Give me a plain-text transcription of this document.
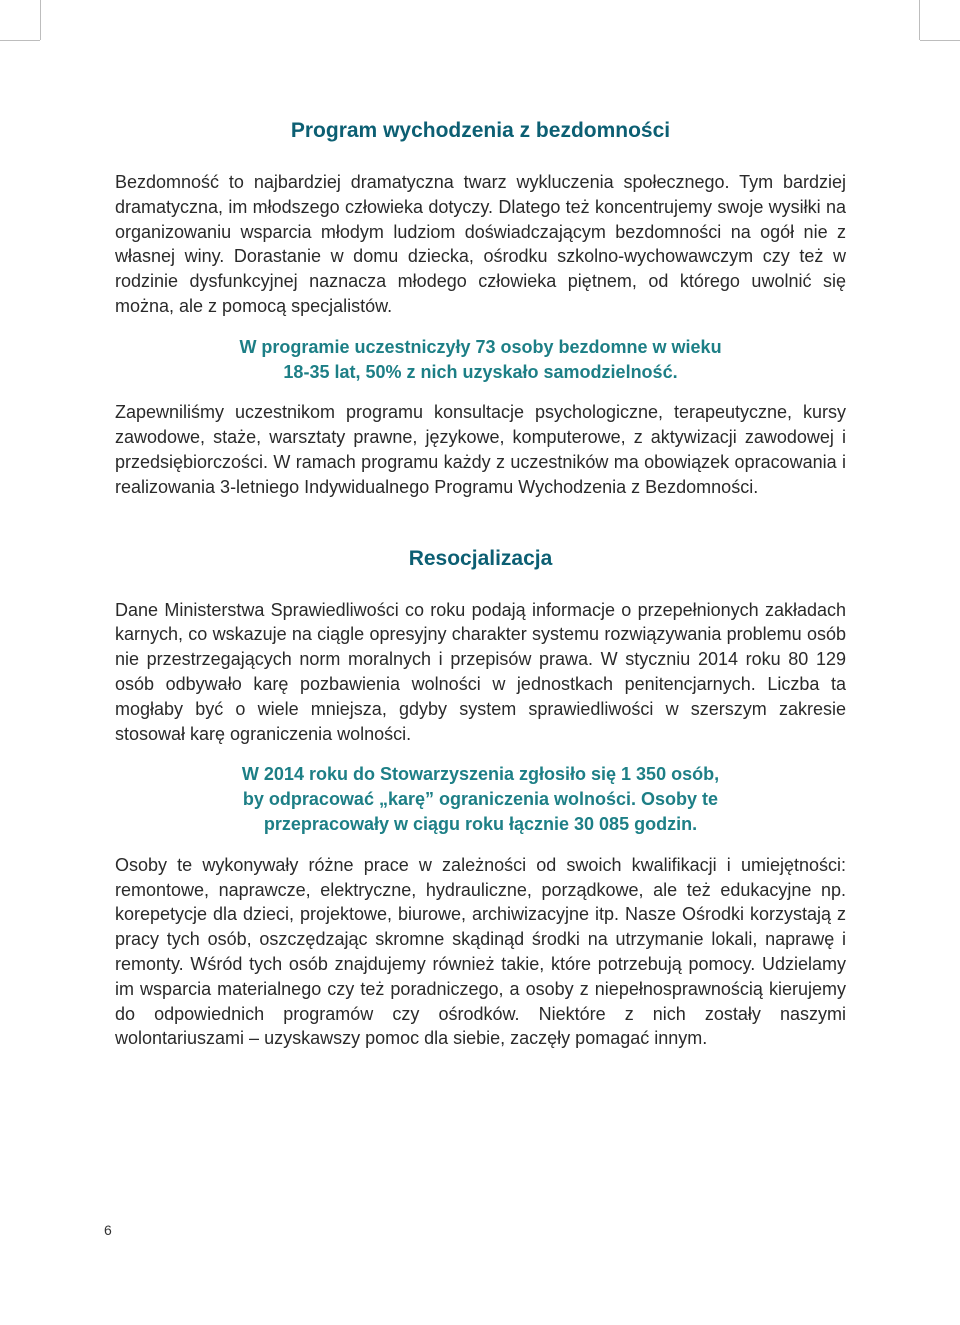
Program wychodzenia z bezdomności

Bezdomność to najbardziej dramatyczna twarz wykluczenia społecznego. Tym bardziej dramatyczna, im młodszego człowieka dotyczy. Dlatego też koncentrujemy swoje wysiłki na organizowaniu wsparcia młodym ludziom doświadczającym bezdomności na ogół nie z własnej winy. Dorastanie w domu dziecka, ośrodku szkolno-wychowawczym czy też w rodzinie dysfunkcyjnej naznacza młodego człowieka piętnem, od którego uwolnić się można, ale z pomocą specjalistów.

W programie uczestniczyły 73 osoby bezdomne w wieku
18-35 lat, 50% z nich uzyskało samodzielność.

Zapewniliśmy uczestnikom programu konsultacje psychologiczne, terapeutyczne, kursy zawodowe, staże, warsztaty prawne, językowe, komputerowe, z aktywizacji zawodowej i przedsiębiorczości. W ramach programu każdy z uczestników ma obowiązek opracowania i realizowania 3-letniego Indywidualnego Programu Wychodzenia z Bezdomności.

Resocjalizacja

Dane Ministerstwa Sprawiedliwości co roku podają informacje o przepełnionych zakładach karnych, co wskazuje na ciągle opresyjny charakter systemu rozwiązywania problemu osób nie przestrzegających norm moralnych i przepisów prawa. W styczniu 2014 roku 80 129 osób odbywało karę pozbawienia wolności w jednostkach penitencjarnych. Liczba ta mogłaby być o wiele mniejsza, gdyby system sprawiedliwości w szerszym zakresie stosował karę ograniczenia wolności.

W 2014 roku do Stowarzyszenia zgłosiło się 1 350 osób,
by odpracować „karę” ograniczenia wolności. Osoby te
przepracowały w ciągu roku łącznie 30 085 godzin.

Osoby te wykonywały różne prace w zależności od swoich kwalifikacji i umiejętności: remontowe, naprawcze, elektryczne, hydrauliczne, porządkowe, ale też edukacyjne np. korepetycje dla dzieci, projektowe, biurowe, archiwizacyjne itp. Nasze Ośrodki korzystają z pracy tych osób, oszczędzając skromne skądinąd środki na utrzymanie lokali, naprawę i remonty. Wśród tych osób znajdujemy również takie, które potrzebują pomocy. Udzielamy im wsparcia materialnego czy też poradniczego, a osoby z niepełnosprawnością kierujemy do odpowiednich programów czy ośrodków. Niektóre z nich zostały naszymi wolontariuszami – uzyskawszy pomoc dla siebie, zaczęły pomagać innym.

6
